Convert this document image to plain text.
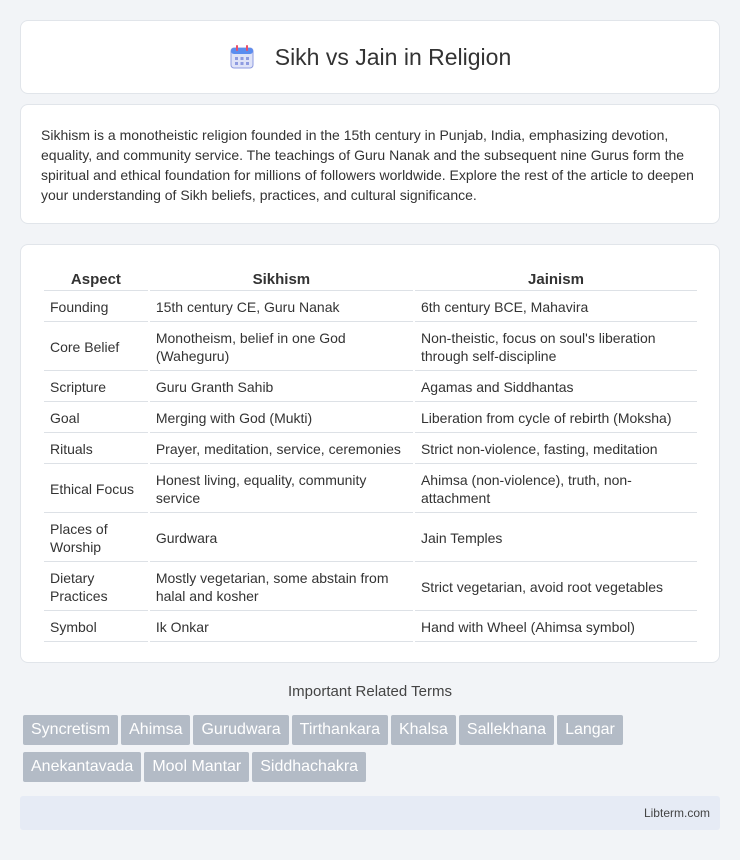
Sikh vs Jain in Religion

Sikhism is a monotheistic religion founded in the 15th century in Punjab, India, emphasizing devotion, equality, and community service. The teachings of Guru Nanak and the subsequent nine Gurus form the spiritual and ethical foundation for millions of followers worldwide. Explore the rest of the article to deepen your understanding of Sikh beliefs, practices, and cultural significance.

Aspect	Sikhism	Jainism
Founding	15th century CE, Guru Nanak	6th century BCE, Mahavira
Core Belief	Monotheism, belief in one God (Waheguru)	Non-theistic, focus on soul's liberation through self-discipline
Scripture	Guru Granth Sahib	Agamas and Siddhantas
Goal	Merging with God (Mukti)	Liberation from cycle of rebirth (Moksha)
Rituals	Prayer, meditation, service, ceremonies	Strict non-violence, fasting, meditation
Ethical Focus	Honest living, equality, community service	Ahimsa (non-violence), truth, non-attachment
Places of Worship	Gurdwara	Jain Temples
Dietary Practices	Mostly vegetarian, some abstain from halal and kosher	Strict vegetarian, avoid root vegetables
Symbol	Ik Onkar	Hand with Wheel (Ahimsa symbol)
Important Related Terms
Syncretism Ahimsa Gurudwara Tirthankara Khalsa Sallekhana Langar
Anekantavada Mool Mantar Siddhachakra
Libterm.com
